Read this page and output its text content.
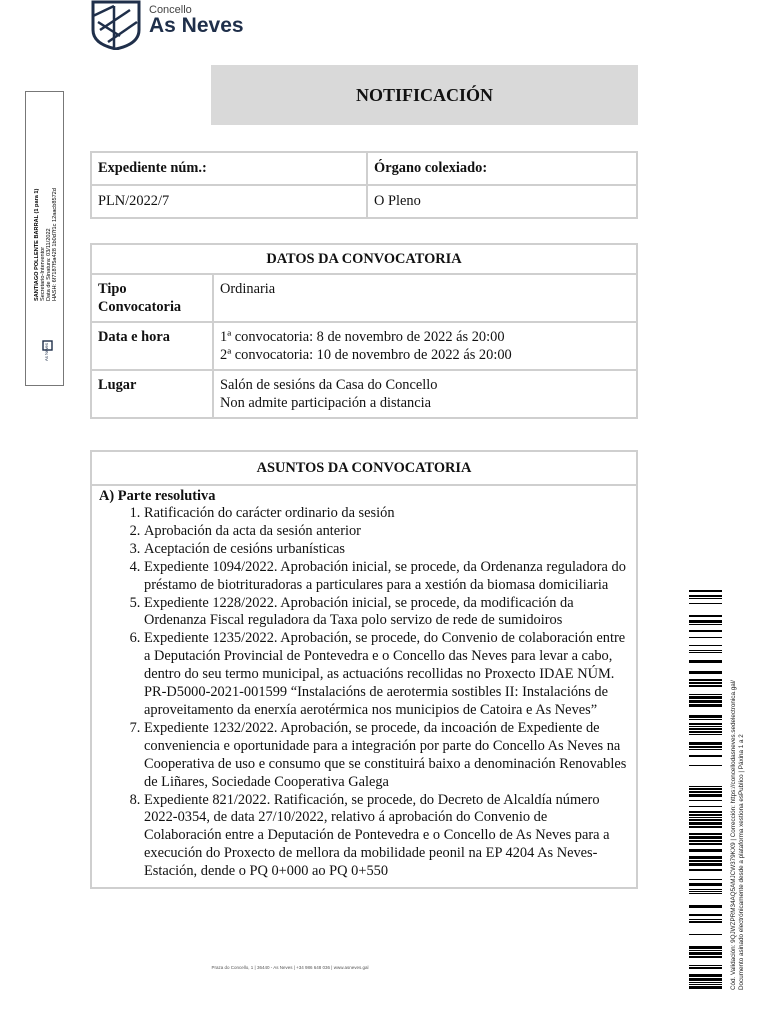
Concello
As Neves
NOTIFICACIÓN
Expediente núm.:	Órgano colexiado:
PLN/2022/7	O Pleno
DATOS DA CONVOCATORIA	
Tipo Convocatoria	Ordinaria
Data e hora	1ª convocatoria: 8 de novembro de 2022 ás 20:00
2ª convocatoria: 10 de novembro de 2022 ás 20:00

Lugar	Salón de sesións da Casa do Concello
Non admite participación a distancia
ASUNTOS DA CONVOCATORIA

A) Parte resolutiva
1. Ratificación do carácter ordinario da sesión
2. Aprobación da acta da sesión anterior
3. Aceptación de cesións urbanísticas
4. Expediente 1094/2022. Aprobación inicial, se procede, da Ordenanza reguladora do préstamo de biotrituradoras a particulares para a xestión da biomasa domiciliaria
5. Expediente 1228/2022. Aprobación inicial, se procede, da modificación da Ordenanza Fiscal reguladora da Taxa polo servizo de rede de sumidoiros
6. Expediente 1235/2022. Aprobación, se procede, do Convenio de colaboración entre a Deputación Provincial de Pontevedra e o Concello das Neves para levar a cabo, dentro do seu termo municipal, as actuacións recollidas no Proxecto IDAE NÚM. PR-D5000-2021-001599 “Instalacións de aerotermia sostibles II: Instalacións de aproveitamento da enerxía aerotérmica nos municipios de Catoira e As Neves”
7. Expediente 1232/2022. Aprobación, se procede, da incoación de Expediente de conveniencia e oportunidade para a integración por parte do Concello As Neves na Cooperativa de uso e consumo que se constituirá baixo a denominación Renovables de Liñares, Sociedade Cooperativa Galega
8. Expediente 821/2022. Ratificación, se procede, do Decreto de Alcaldía número 2022-0354, de data 27/10/2022, relativo á aprobación do Convenio de Colaboración entre a Deputación de Pontevedra e o Concello de As Neves para a execución do Proxecto de mellora da mobilidade peonil na EP 4204 As Neves-Estación, dende o PQ 0+000 ao PQ 0+550
SANTIAGO POLLENTE BARRAL (1 para 1) Secretario-Interventor Data de Sinatura: 03/11/2022 HASH: 6f7187f5a428 1b0d7f1c 12aacb8572d
As Neves
Cód. Validación: 9QJWZPRM34AQ5AMJCW379KX9 | Corrección: https://concellodasneves.sedelectronica.gal/ Documento asinado electrónicamente desde a plataforma xestiona esPublico | Páxina 1 a 2
Praza do Concello, 1 | 36440 - As Neves | +34 986 648 036 | www.asneves.gal
